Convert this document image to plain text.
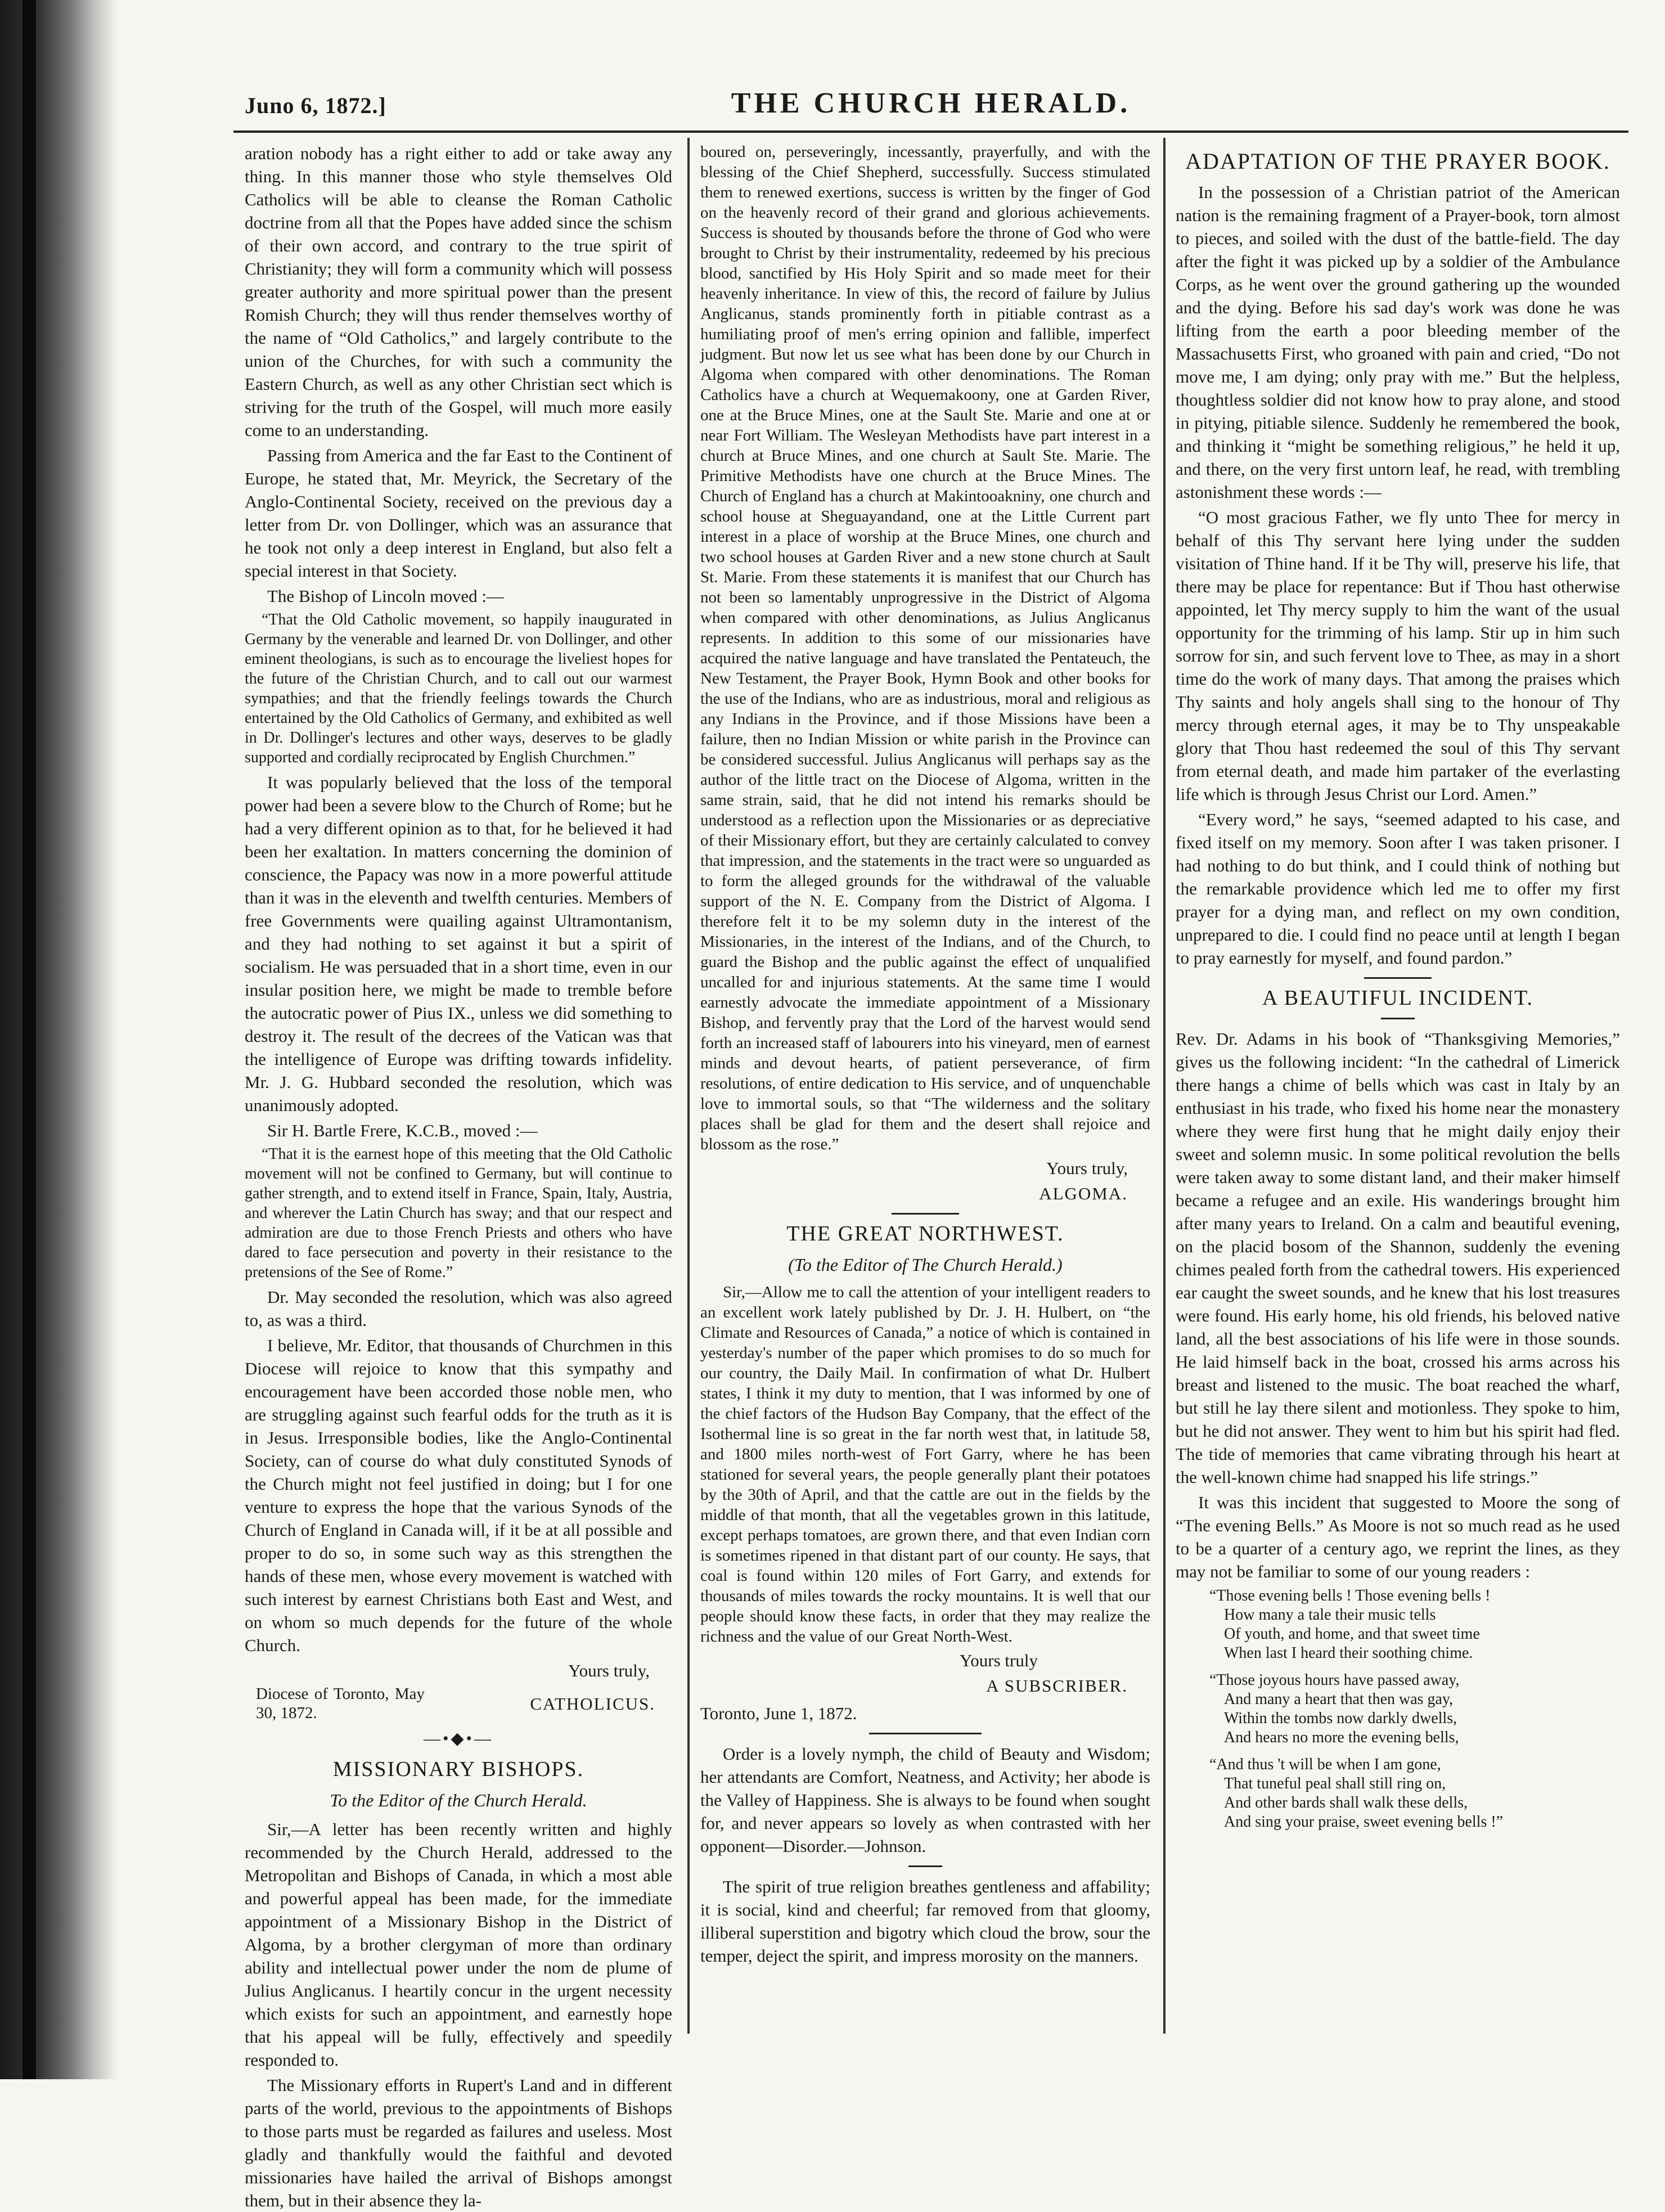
Juno 6, 1872.]	THE CHURCH HERALD.

aration nobody has a right either to add or take away any thing. In this manner those who style themselves Old Catholics will be able to cleanse the Roman Catholic doctrine from all that the Popes have added since the schism of their own accord, and contrary to the true spirit of Christianity; they will form a community which will possess greater authority and more spiritual power than the present Romish Church; they will thus render themselves worthy of the name of “Old Catholics,” and largely contribute to the union of the Churches, for with such a community the Eastern Church, as well as any other Christian sect which is striving for the truth of the Gospel, will much more easily come to an understanding.

Passing from America and the far East to the Continent of Europe, he stated that, Mr. Meyrick, the Secretary of the Anglo-Continental Society, received on the previous day a letter from Dr. von Dollinger, which was an assurance that he took not only a deep interest in England, but also felt a special interest in that Society.

The Bishop of Lincoln moved :—

“That the Old Catholic movement, so happily inaugurated in Germany by the venerable and learned Dr. von Dollinger, and other eminent theologians, is such as to encourage the liveliest hopes for the future of the Christian Church, and to call out our warmest sympathies; and that the friendly feelings towards the Church entertained by the Old Catholics of Germany, and exhibited as well in Dr. Dollinger's lectures and other ways, deserves to be gladly supported and cordially reciprocated by English Churchmen.”

It was popularly believed that the loss of the temporal power had been a severe blow to the Church of Rome; but he had a very different opinion as to that, for he believed it had been her exaltation. In matters concerning the dominion of conscience, the Papacy was now in a more powerful attitude than it was in the eleventh and twelfth centuries. Members of free Governments were quailing against Ultramontanism, and they had nothing to set against it but a spirit of socialism. He was persuaded that in a short time, even in our insular position here, we might be made to tremble before the autocratic power of Pius IX., unless we did something to destroy it. The result of the decrees of the Vatican was that the intelligence of Europe was drifting towards infidelity. Mr. J. G. Hubbard seconded the resolution, which was unanimously adopted.

Sir H. Bartle Frere, K.C.B., moved :—

“That it is the earnest hope of this meeting that the Old Catholic movement will not be confined to Germany, but will continue to gather strength, and to extend itself in France, Spain, Italy, Austria, and wherever the Latin Church has sway; and that our respect and admiration are due to those French Priests and others who have dared to face persecution and poverty in their resistance to the pretensions of the See of Rome.”

Dr. May seconded the resolution, which was also agreed to, as was a third.

I believe, Mr. Editor, that thousands of Churchmen in this Diocese will rejoice to know that this sympathy and encouragement have been accorded those noble men, who are struggling against such fearful odds for the truth as it is in Jesus. Irresponsible bodies, like the Anglo-Continental Society, can of course do what duly constituted Synods of the Church might not feel justified in doing; but I for one venture to express the hope that the various Synods of the Church of England in Canada will, if it be at all possible and proper to do so, in some such way as this strengthen the hands of these men, whose every movement is watched with such interest by earnest Christians both East and West, and on whom so much depends for the future of the whole Church.

Yours truly,

Diocese of Toronto, May 30, 1872.	CATHOLICUS.

—•◆•—

MISSIONARY BISHOPS.

To the Editor of the Church Herald.

Sir,—A letter has been recently written and highly recommended by the Church Herald, addressed to the Metropolitan and Bishops of Canada, in which a most able and powerful appeal has been made, for the immediate appointment of a Missionary Bishop in the District of Algoma, by a brother clergyman of more than ordinary ability and intellectual power under the nom de plume of Julius Anglicanus. I heartily concur in the urgent necessity which exists for such an appointment, and earnestly hope that his appeal will be fully, effectively and speedily responded to.

The Missionary efforts in Rupert's Land and in different parts of the world, previous to the appointments of Bishops to those parts must be regarded as failures and useless. Most gladly and thankfully would the faithful and devoted missionaries have hailed the arrival of Bishops amongst them, but in their absence they la-

boured on, perseveringly, incessantly, prayerfully, and with the blessing of the Chief Shepherd, successfully. Success stimulated them to renewed exertions, success is written by the finger of God on the heavenly record of their grand and glorious achievements. Success is shouted by thousands before the throne of God who were brought to Christ by their instrumentality, redeemed by his precious blood, sanctified by His Holy Spirit and so made meet for their heavenly inheritance. In view of this, the record of failure by Julius Anglicanus, stands prominently forth in pitiable contrast as a humiliating proof of men's erring opinion and fallible, imperfect judgment. But now let us see what has been done by our Church in Algoma when compared with other denominations. The Roman Catholics have a church at Wequemakoony, one at Garden River, one at the Bruce Mines, one at the Sault Ste. Marie and one at or near Fort William. The Wesleyan Methodists have part interest in a church at Bruce Mines, and one church at Sault Ste. Marie. The Primitive Methodists have one church at the Bruce Mines. The Church of England has a church at Makintooakniny, one church and school house at Sheguayandand, one at the Little Current part interest in a place of worship at the Bruce Mines, one church and two school houses at Garden River and a new stone church at Sault St. Marie. From these statements it is manifest that our Church has not been so lamentably unprogressive in the District of Algoma when compared with other denominations, as Julius Anglicanus represents. In addition to this some of our missionaries have acquired the native language and have translated the Pentateuch, the New Testament, the Prayer Book, Hymn Book and other books for the use of the Indians, who are as industrious, moral and religious as any Indians in the Province, and if those Missions have been a failure, then no Indian Mission or white parish in the Province can be considered successful. Julius Anglicanus will perhaps say as the author of the little tract on the Diocese of Algoma, written in the same strain, said, that he did not intend his remarks should be understood as a reflection upon the Missionaries or as depreciative of their Missionary effort, but they are certainly calculated to convey that impression, and the statements in the tract were so unguarded as to form the alleged grounds for the withdrawal of the valuable support of the N. E. Company from the District of Algoma. I therefore felt it to be my solemn duty in the interest of the Missionaries, in the interest of the Indians, and of the Church, to guard the Bishop and the public against the effect of unqualified uncalled for and injurious statements. At the same time I would earnestly advocate the immediate appointment of a Missionary Bishop, and fervently pray that the Lord of the harvest would send forth an increased staff of labourers into his vineyard, men of earnest minds and devout hearts, of patient perseverance, of firm resolutions, of entire dedication to His service, and of unquenchable love to immortal souls, so that “The wilderness and the solitary places shall be glad for them and the desert shall rejoice and blossom as the rose.”

Yours truly,

ALGOMA.

THE GREAT NORTHWEST.

(To the Editor of The Church Herald.)

Sir,—Allow me to call the attention of your intelligent readers to an excellent work lately published by Dr. J. H. Hulbert, on “the Climate and Resources of Canada,” a notice of which is contained in yesterday's number of the paper which promises to do so much for our country, the Daily Mail. In confirmation of what Dr. Hulbert states, I think it my duty to mention, that I was informed by one of the chief factors of the Hudson Bay Company, that the effect of the Isothermal line is so great in the far north west that, in latitude 58, and 1800 miles north-west of Fort Garry, where he has been stationed for several years, the people generally plant their potatoes by the 30th of April, and that the cattle are out in the fields by the middle of that month, that all the vegetables grown in this latitude, except perhaps tomatoes, are grown there, and that even Indian corn is sometimes ripened in that distant part of our county. He says, that coal is found within 120 miles of Fort Garry, and extends for thousands of miles towards the rocky mountains. It is well that our people should know these facts, in order that they may realize the richness and the value of our Great North-West.

Yours truly

A SUBSCRIBER.

Toronto, June 1, 1872.

Order is a lovely nymph, the child of Beauty and Wisdom; her attendants are Comfort, Neatness, and Activity; her abode is the Valley of Happiness. She is always to be found when sought for, and never appears so lovely as when contrasted with her opponent—Disorder.—Johnson.

The spirit of true religion breathes gentleness and affability; it is social, kind and cheerful; far removed from that gloomy, illiberal superstition and bigotry which cloud the brow, sour the temper, deject the spirit, and impress morosity on the manners.

ADAPTATION OF THE PRAYER BOOK.

In the possession of a Christian patriot of the American nation is the remaining fragment of a Prayer-book, torn almost to pieces, and soiled with the dust of the battle-field. The day after the fight it was picked up by a soldier of the Ambulance Corps, as he went over the ground gathering up the wounded and the dying. Before his sad day's work was done he was lifting from the earth a poor bleeding member of the Massachusetts First, who groaned with pain and cried, “Do not move me, I am dying; only pray with me.” But the helpless, thoughtless soldier did not know how to pray alone, and stood in pitying, pitiable silence. Suddenly he remembered the book, and thinking it “might be something religious,” he held it up, and there, on the very first untorn leaf, he read, with trembling astonishment these words :—

“O most gracious Father, we fly unto Thee for mercy in behalf of this Thy servant here lying under the sudden visitation of Thine hand. If it be Thy will, preserve his life, that there may be place for repentance: But if Thou hast otherwise appointed, let Thy mercy supply to him the want of the usual opportunity for the trimming of his lamp. Stir up in him such sorrow for sin, and such fervent love to Thee, as may in a short time do the work of many days. That among the praises which Thy saints and holy angels shall sing to the honour of Thy mercy through eternal ages, it may be to Thy unspeakable glory that Thou hast redeemed the soul of this Thy servant from eternal death, and made him partaker of the everlasting life which is through Jesus Christ our Lord. Amen.”

“Every word,” he says, “seemed adapted to his case, and fixed itself on my memory. Soon after I was taken prisoner. I had nothing to do but think, and I could think of nothing but the remarkable providence which led me to offer my first prayer for a dying man, and reflect on my own condition, unprepared to die. I could find no peace until at length I began to pray earnestly for myself, and found pardon.”

A BEAUTIFUL INCIDENT.

Rev. Dr. Adams in his book of “Thanksgiving Memories,” gives us the following incident: “In the cathedral of Limerick there hangs a chime of bells which was cast in Italy by an enthusiast in his trade, who fixed his home near the monastery where they were first hung that he might daily enjoy their sweet and solemn music. In some political revolution the bells were taken away to some distant land, and their maker himself became a refugee and an exile. His wanderings brought him after many years to Ireland. On a calm and beautiful evening, on the placid bosom of the Shannon, suddenly the evening chimes pealed forth from the cathedral towers. His experienced ear caught the sweet sounds, and he knew that his lost treasures were found. His early home, his old friends, his beloved native land, all the best associations of his life were in those sounds. He laid himself back in the boat, crossed his arms across his breast and listened to the music. The boat reached the wharf, but still he lay there silent and motionless. They spoke to him, but he did not answer. They went to him but his spirit had fled. The tide of memories that came vibrating through his heart at the well-known chime had snapped his life strings.”

It was this incident that suggested to Moore the song of “The evening Bells.” As Moore is not so much read as he used to be a quarter of a century ago, we reprint the lines, as they may not be familiar to some of our young readers :

“Those evening bells ! Those evening bells !
How many a tale their music tells
Of youth, and home, and that sweet time
When last I heard their soothing chime.
“Those joyous hours have passed away,
And many a heart that then was gay,
Within the tombs now darkly dwells,
And hears no more the evening bells,
“And thus 't will be when I am gone,
That tuneful peal shall still ring on,
And other bards shall walk these dells,
And sing your praise, sweet evening bells !”
